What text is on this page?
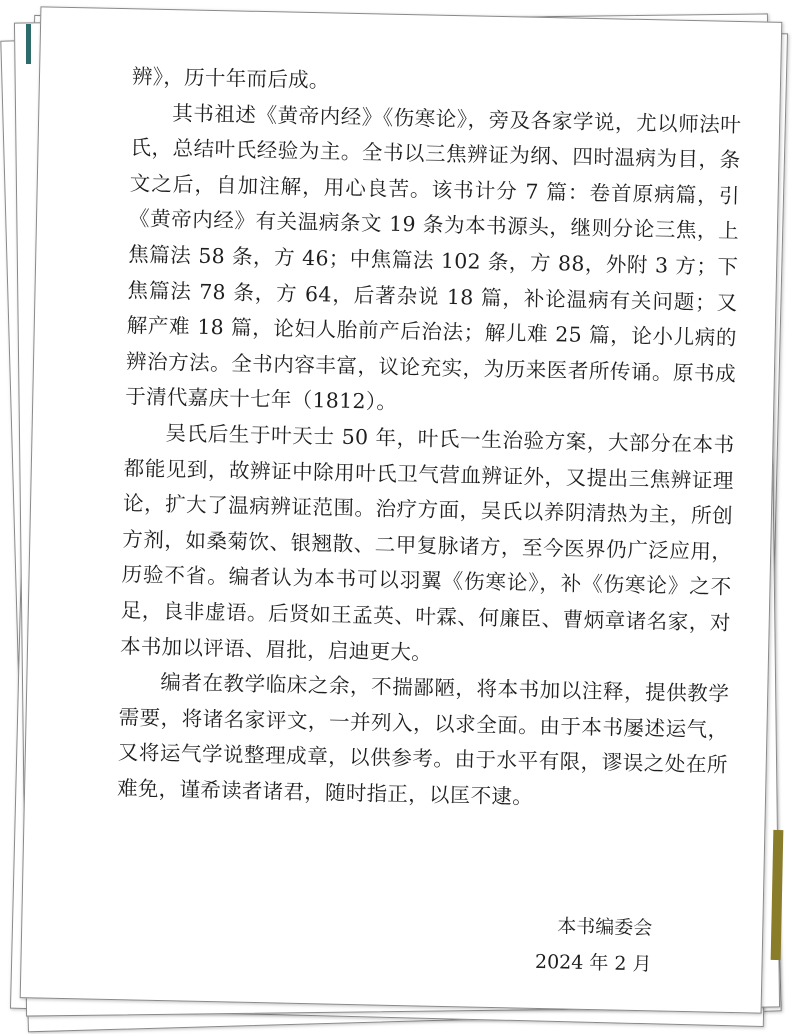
辨》，历十年而后成。

其书祖述《黄帝内经》《伤寒论》，旁及各家学说，尤以师法叶氏，总结叶氏经验为主。全书以三焦辨证为纲、四时温病为目，条文之后，自加注解，用心良苦。该书计分 7 篇：卷首原病篇，引《黄帝内经》有关温病条文 19 条为本书源头，继则分论三焦，上焦篇法 58 条，方 46；中焦篇法 102 条，方 88，外附 3 方；下焦篇法 78 条，方 64，后著杂说 18 篇，补论温病有关问题；又解产难 18 篇，论妇人胎前产后治法；解儿难 25 篇，论小儿病的辨治方法。全书内容丰富，议论充实，为历来医者所传诵。原书成于清代嘉庆十七年（1812）。

吴氏后生于叶天士 50 年，叶氏一生治验方案，大部分在本书都能见到，故辨证中除用叶氏卫气营血辨证外，又提出三焦辨证理论，扩大了温病辨证范围。治疗方面，吴氏以养阴清热为主，所创方剂，如桑菊饮、银翘散、二甲复脉诸方，至今医界仍广泛应用，历验不省。编者认为本书可以羽翼《伤寒论》，补《伤寒论》之不足，良非虚语。后贤如王孟英、叶霖、何廉臣、曹炳章诸名家，对本书加以评语、眉批，启迪更大。

编者在教学临床之余，不揣鄙陋，将本书加以注释，提供教学需要，将诸名家评文，一并列入，以求全面。由于本书屡述运气，又将运气学说整理成章，以供参考。由于水平有限，谬误之处在所难免，谨希读者诸君，随时指正，以匡不逮。

本书编委会
2024 年 2 月
